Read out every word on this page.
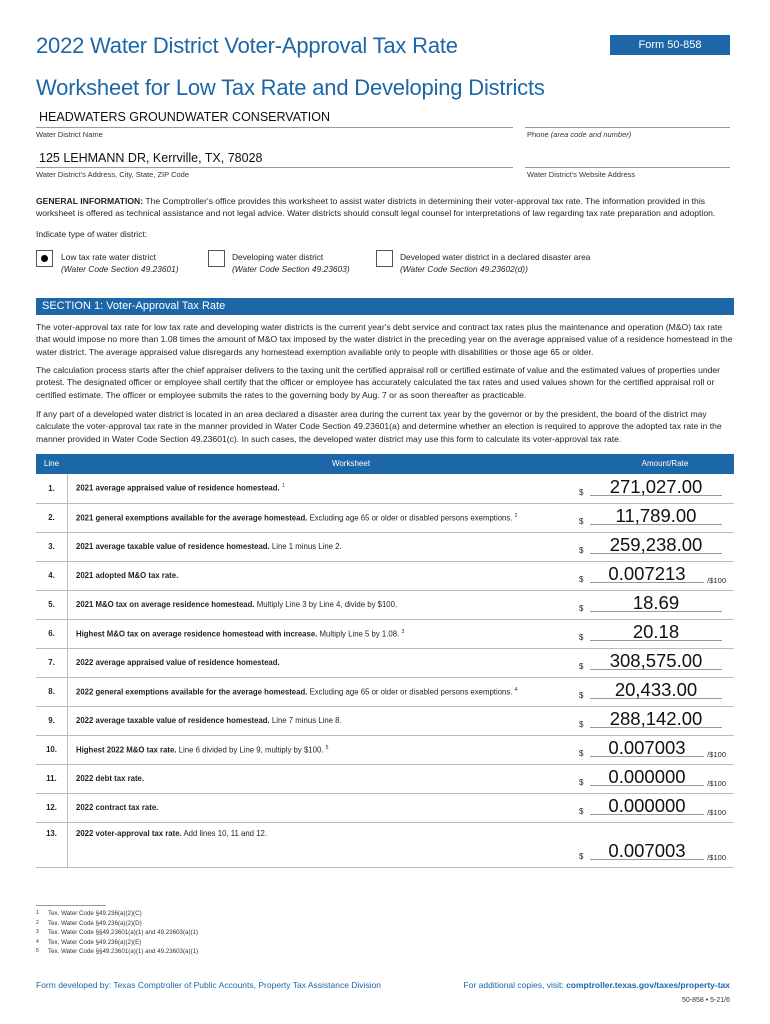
2022 Water District Voter-Approval Tax Rate	Form 50-858
Worksheet for Low Tax Rate and Developing Districts
HEADWATERS GROUNDWATER CONSERVATION
Water District Name	Phone (area code and number)
125 LEHMANN DR, Kerrville, TX, 78028
Water District's Address, City, State, ZIP Code	Water District's Website Address
GENERAL INFORMATION: The Comptroller's office provides this worksheet to assist water districts in determining their voter-approval tax rate. The information provided in this worksheet is offered as technical assistance and not legal advice. Water districts should consult legal counsel for interpretations of law regarding tax rate preparation and adoption.
Indicate type of water district:
Low tax rate water district
(Water Code Section 49.23601)
Developing water district
(Water Code Section 49.23603)
Developed water district in a declared disaster area
(Water Code Section 49.23602(d))
SECTION 1: Voter-Approval Tax Rate
The voter-approval tax rate for low tax rate and developing water districts is the current year's debt service and contract tax rates plus the maintenance and operation (M&O) tax rate that would impose no more than 1.08 times the amount of M&O tax imposed by the water district in the preceding year on the average appraised value of a residence homestead in the water district. The average appraised value disregards any homestead exemption available only to people with disabilities or those age 65 or older.
The calculation process starts after the chief appraiser delivers to the taxing unit the certified appraisal roll or certified estimate of value and the estimated values of properties under protest. The designated officer or employee shall certify that the officer or employee has accurately calculated the tax rates and used values shown for the certified appraisal roll or certified estimate. The officer or employee submits the rates to the governing body by Aug. 7 or as soon thereafter as practicable.
If any part of a developed water district is located in an area declared a disaster area during the current tax year by the governor or by the president, the board of the district may calculate the voter-approval tax rate in the manner provided in Water Code Section 49.23601(a) and determine whether an election is required to approve the adopted tax rate in the manner provided in Water Code Section 49.23601(c). In such cases, the developed water district may use this form to calculate its voter-approval tax rate.
Line	Worksheet	Amount/Rate
1.	2021 average appraised value of residence homestead. $^1$	$ 271,027.00

2.	2021 general exemptions available for the average homestead. Excluding age 65 or older or disabled persons exemptions. $^2$	$ 11,789.00

3.	2021 average taxable value of residence homestead. Line 1 minus Line 2.	$ 259,238.00

4.	2021 adopted M&O tax rate.	$ 0.007213 /$100

5.	2021 M&O tax on average residence homestead. Multiply Line 3 by Line 4, divide by $100.	$ 18.69

6.	Highest M&O tax on average residence homestead with increase. Multiply Line 5 by 1.08. $^3$	$ 20.18

7.	2022 average appraised value of residence homestead.	$ 308,575.00

8.	2022 general exemptions available for the average homestead. Excluding age 65 or older or disabled persons exemptions. $^4$	$ 20,433.00

9.	2022 average taxable value of residence homestead. Line 7 minus Line 8.	$ 288,142.00

10.	Highest 2022 M&O tax rate. Line 6 divided by Line 9, multiply by $100. $^5$	$ 0.007003 /$100

11.	2022 debt tax rate.	$ 0.000000 /$100

12.	2022 contract tax rate.	$ 0.000000 /$100

13.	2022 voter-approval tax rate. Add lines 10, 11 and 12.	$ 0.007003 /$100
1 Tex. Water Code §49.236(a)(2)(C)
2 Tex. Water Code §49.236(a)(2)(D)
3 Tex. Water Code §§49.23601(a)(1) and 49.23603(a)(1)
4 Tex. Water Code §49.236(a)(2)(E)
5 Tex. Water Code §§49.23601(a)(1) and 49.23603(a)(1)
Form developed by: Texas Comptroller of Public Accounts, Property Tax Assistance Division	For additional copies, visit: comptroller.texas.gov/taxes/property-tax
50-858 • 5-21/6
